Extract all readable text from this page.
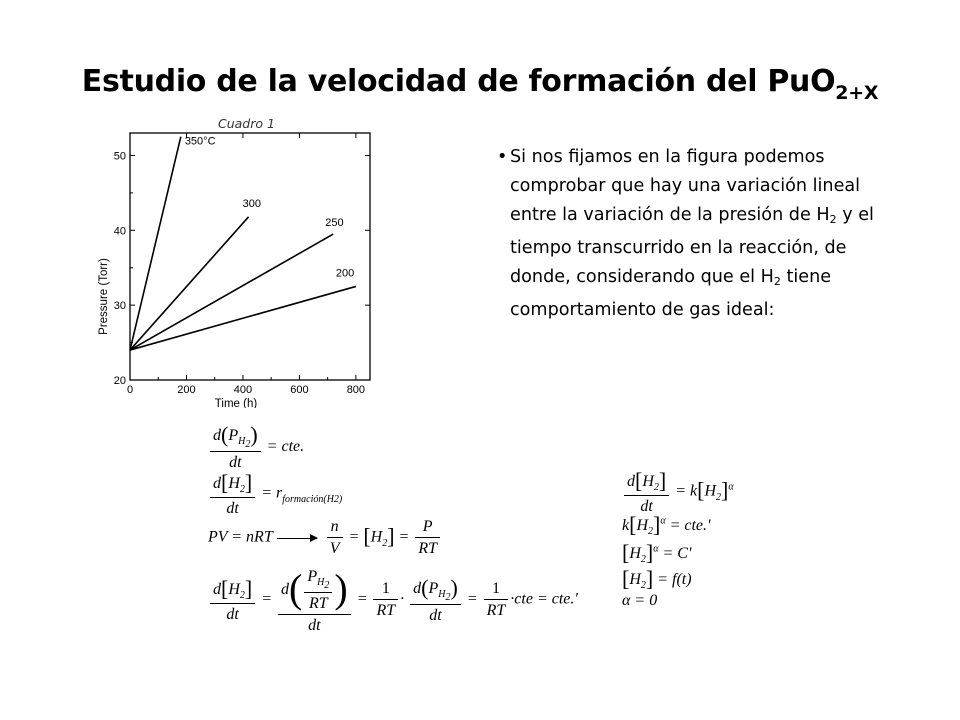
Estudio de la velocidad de formación del PuO$_{2+X}$
Cuadro 1
0	200	400	600	800
20
30
40
50
Time (h)
Pressure (Torr)
350°C
300
250
200
• Si nos fijamos en la figura podemos comprobar que hay una variación lineal entre la variación de la presión de $H_2$ y el tiempo transcurrido en la reacción, de donde, considerando que el $H_2$ tiene comportamiento de gas ideal:
$\frac{d(P_{H_2})}{dt}$ = cte.
$\frac{d[H_2]}{dt} = r_{formación(H2)}$
PV = nRT	$\frac{n}{V} = [H_2] = \frac{P}{RT}$
$\frac{d[H_2]}{dt} = \frac{d( \frac{P_{H_2}}{RT} )}{dt} = \frac{1}{RT} \cdot \frac{d(P_{H_2})}{dt} = \frac{1}{RT} \cdot cte = cte.'$
$\frac{d[H_2]}{dt} = k[H_2]^\alpha$
$k[H_2]^\alpha = cte.'$
$[H_2]^\alpha = C'$
$[H_2] = f(t)$
α = 0
